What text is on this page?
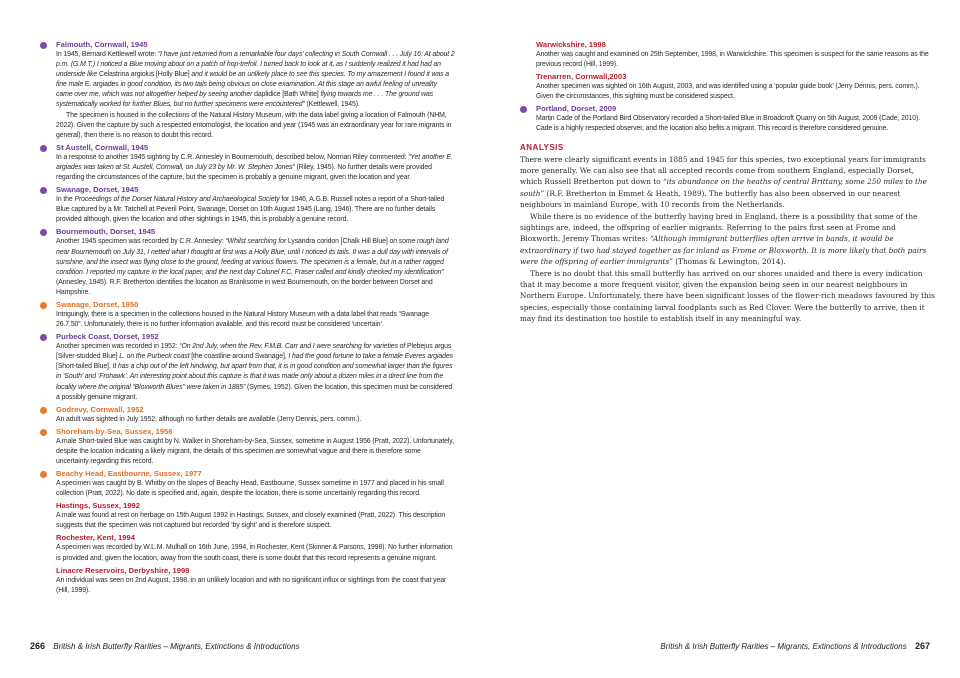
Falmouth, Cornwall, 1945
In 1945, Bernard Kettlewell wrote: “I have just returned from a remarkable four days’ collecting in South Cornwall . . . July 16: At about 2 p.m. (G.M.T.) I noticed a Blue moving about on a patch of hop-trefoil. I turned back to look at it, as I suddenly realized it had had an underside like Celastrina argiolus [Holly Blue] and it would be an unlikely place to see this species. To my amazement I found it was a fine male E. argiades in good condition, its two tails being obvious on close examination. At this stage an awful feeling of unreality came over me, which was not altogether helped by seeing another daplidice [Bath White] flying towards me . . . The ground was systematically worked for further Blues, but no further specimens were encountered” (Kettlewell, 1945).
The specimen is housed in the collections of the Natural History Museum, with the data label giving a location of Falmouth (NHM, 2022). Given the capture by such a respected entomologist, the location and year (1945 was an extraordinary year for rare migrants in general), then there is no reason to doubt this record.
St Austell, Cornwall, 1945
In a response to another 1945 sighting by C.R. Annesley in Bournemouth, described below, Norman Riley commented: “Yet another E. argiades was taken at St. Austell, Cornwall, on July 23 by Mr. W. Stephen Jones” (Riley, 1945). No further details were provided regarding the circumstances of the capture, but the specimen is probably a genuine migrant, given the location and year.
Swanage, Dorset, 1945
In the Proceedings of the Dorset Natural History and Archaeological Society for 1946, A.G.B. Russell notes a report of a Short-tailed Blue captured by a Mr. Tatchell at Peveril Point, Swanage, Dorset on 10th August 1945 (Lang, 1946). There are no further details provided although, given the location and other sightings in 1945, this is probably a genuine record.
Bournemouth, Dorset, 1945
Another 1945 specimen was recorded by C.R. Annesley: “Whilst searching for Lysandra coridon [Chalk Hill Blue] on some rough land near Bournemouth on July 31, I netted what I thought at first was a Holly Blue, until I noticed its tails. It was a dull day with intervals of sunshine, and the insect was flying close to the ground, feeding at various flowers. The specimen is a female, but in a rather ragged condition. I reported my capture in the local paper, and the next day Colonel F.C. Fraser called and kindly checked my identification” (Annesley, 1945). R.F. Bretherton identifies the location as Branksome in west Bournemouth, on the border between Dorset and Hampshire.
Swanage, Dorset, 1950
Intriguingly, there is a specimen in the collections housed in the Natural History Museum with a data label that reads “Swanage 26.7.50”. Unfortunately, there is no further information available, and this record must be considered ‘uncertain’.
Purbeck Coast, Dorset, 1952
Another specimen was recorded in 1952: “On 2nd July, when the Rev. F.M.B. Carr and I were searching for varieties of Plebejus argus [Silver-studded Blue] L. on the Purbeck coast [the coastline around Swanage], I had the good fortune to take a female Everes argiades [Short-tailed Blue]. It has a chip out of the left hindwing, but apart from that, it is in good condition and somewhat larger than the figures in ‘South’ and ‘Frohawk’. An interesting point about this capture is that it was made only about a dozen miles in a direct line from the locality where the original “Bloxworth Blues” were taken in 1885” (Symes, 1952). Given the location, this specimen must be considered a possibly genuine migrant.
Godrevy, Cornwall, 1952
An adult was sighted in July 1952, although no further details are available (Jerry Dennis, pers. comm.).
Shoreham-by-Sea, Sussex, 1956
A male Short-tailed Blue was caught by N. Walker in Shoreham-by-Sea, Sussex, sometime in August 1956 (Pratt, 2022). Unfortunately, despite the location indicating a likely migrant, the details of this specimen are somewhat vague and there is therefore some uncertainty regarding this record.
Beachy Head, Eastbourne, Sussex, 1977
A specimen was caught by B. Whitby on the slopes of Beachy Head, Eastbourne, Sussex sometime in 1977 and placed in his small collection (Pratt, 2022). No date is specified and, again, despite the location, there is some uncertainly regarding this record.
Hastings, Sussex, 1992
A male was found at rest on herbage on 15th August 1992 in Hastings, Sussex, and closely examined (Pratt, 2022). This description suggests that the specimen was not captured but recorded ‘by sight’ and is therefore suspect.
Rochester, Kent, 1994
A specimen was recorded by W.L.M. Mulhall on 16th June, 1994, in Rochester, Kent (Skinner & Parsons, 1998). No further information is provided and, given the location, away from the south coast, there is some doubt that this record represents a genuine migrant.
Linacre Reservoirs, Derbyshire, 1998
An individual was seen on 2nd August, 1998, in an unlikely location and with no significant influx or sightings from the coast that year (Hill, 1999).
Warwickshire, 1998
Another was caught and examined on 25th September, 1998, in Warwickshire. This specimen is suspect for the same reasons as the previous record (Hill, 1999).
Trenarren, Cornwall,2003
Another specimen was sighted on 16th August, 2003, and was identified using a ‘popular guide book’ (Jerry Dennis, pers. comm.). Given the circumstances, this sighting must be considered suspect.
Portland, Dorset, 2009
Martin Cade of the Portland Bird Observatory recorded a Short-tailed Blue in Broadcroft Quarry on 5th August, 2009 (Cade, 2010). Cade is a highly respected observer, and the location also befits a migrant. This record is therefore considered genuine.
ANALYSIS

There were clearly significant events in 1885 and 1945 for this species, two exceptional years for immigrants more generally. We can also see that all accepted records come from southern England, especially Dorset, which Russell Bretherton put down to “its abundance on the heaths of central Brittany, some 250 miles to the south” (R.F. Bretherton in Emmet & Heath, 1989). The butterfly has also been observed in our nearest neighbours in mainland Europe, with 10 records from the Netherlands.

While there is no evidence of the butterfly having bred in England, there is a possibility that some of the sightings are, indeed, the offspring of earlier migrants. Referring to the pairs first seen at Frome and Bloxworth, Jeremy Thomas writes: “Although immigrant butterflies often arrive in bands, it would be extraordinary if two had stayed together as far inland as Frome or Bloxworth. It is more likely that both pairs were the offspring of earlier immigrants” (Thomas & Lewington, 2014).

There is no doubt that this small butterfly has arrived on our shores unaided and there is every indication that it may become a more frequent visitor, given the expansion being seen in our nearest neighbours in Northern Europe. Unfortunately, there have been significant losses of the flower-rich meadows favoured by this species, especially those containing larval foodplants such as Red Clover. Were the butterfly to arrive, then it may find its destination too hostile to establish itself in any meaningful way.

266 British & Irish Butterfly Rarities – Migrants, Extinctions & Introductions	British & Irish Butterfly Rarities – Migrants, Extinctions & Introductions 267
